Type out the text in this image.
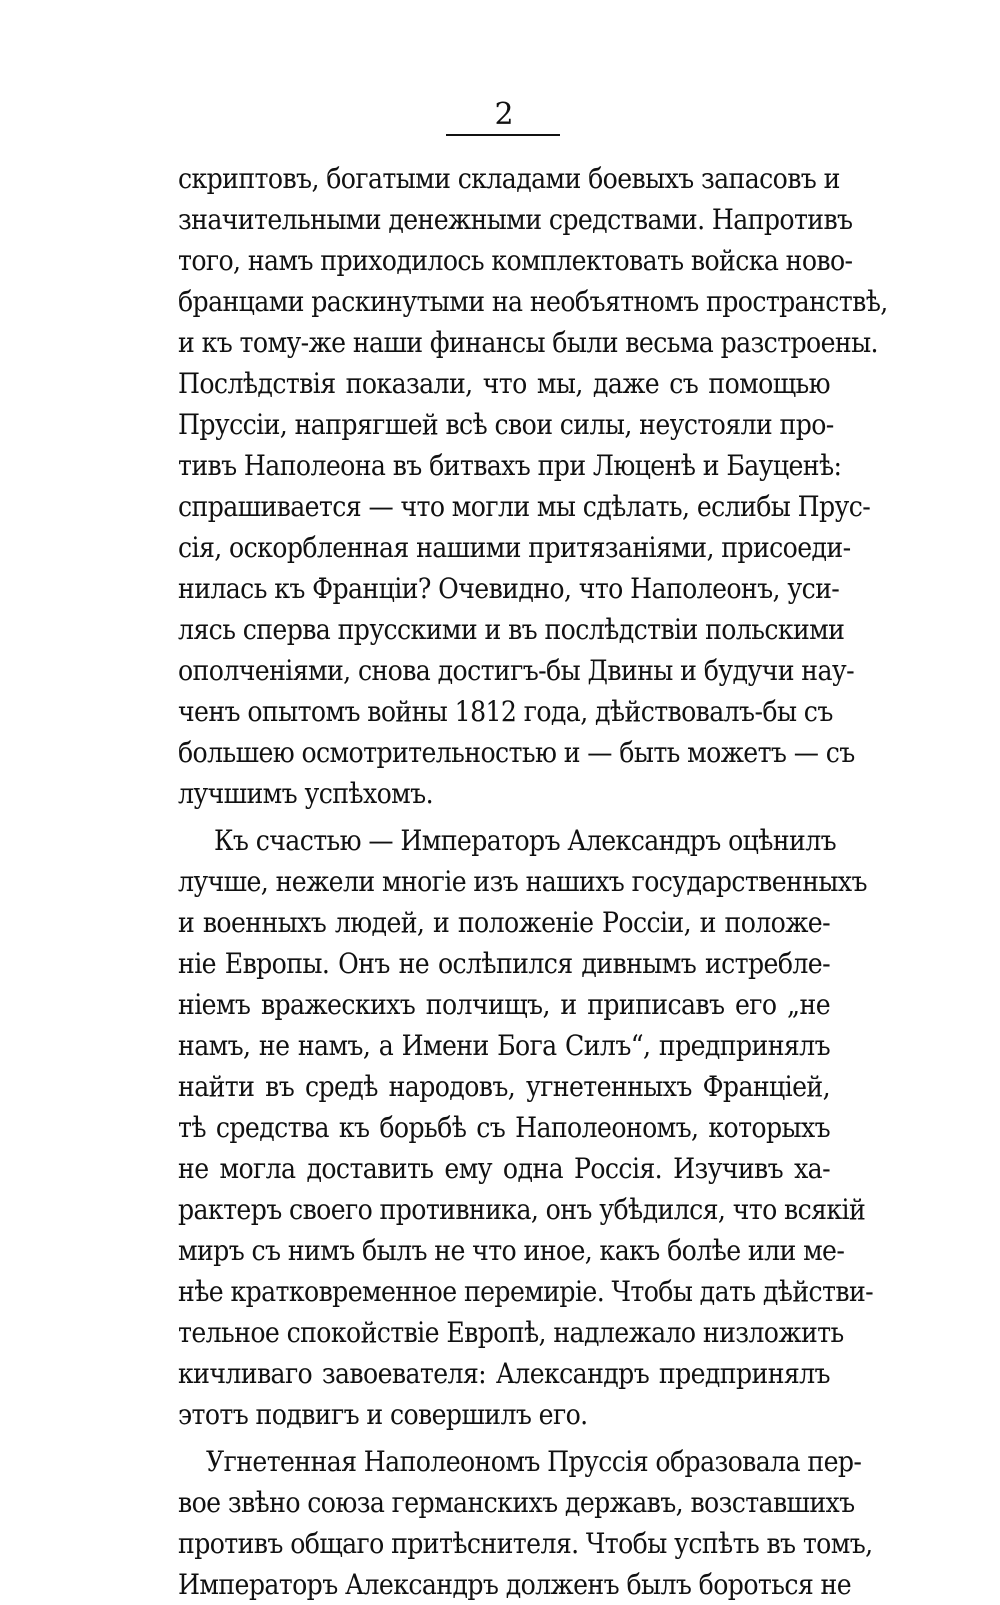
2
скриптовъ, богатыми складами боевыхъ запасовъ и
значительными денежными средствами. Напротивъ
того, намъ приходилось комплектовать войска ново-
бранцами раскинутыми на необъятномъ пространствѣ,
и къ тому-же наши финансы были весьма разстроены.
Послѣдствія показали, что мы, даже съ помощью
Пруссіи, напрягшей всѣ свои силы, неустояли про-
тивъ Наполеона въ битвахъ при Люценѣ и Бауценѣ:
спрашивается — что могли мы сдѣлать, еслибы Прус-
сія, оскорбленная нашими притязаніями, присоеди-
нилась къ Франціи? Очевидно, что Наполеонъ, уси-
лясь сперва прусскими и въ послѣдствіи польскими
ополченіями, снова достигъ-бы Двины и будучи нау-
ченъ опытомъ войны 1812 года, дѣйствовалъ-бы съ
большею осмотрительностью и — быть можетъ — съ
лучшимъ успѣхомъ.
Къ счастью — Императоръ Александръ оцѣнилъ
лучше, нежели многіе изъ нашихъ государственныхъ
и военныхъ людей, и положеніе Россіи, и положе-
ніе Европы. Онъ не ослѣпился дивнымъ истребле-
ніемъ вражескихъ полчищъ, и приписавъ его „не
намъ, не намъ, а Имени Бога Силъ“, предпринялъ
найти въ средѣ народовъ, угнетенныхъ Франціей,
тѣ средства къ борьбѣ съ Наполеономъ, которыхъ
не могла доставить ему одна Россія. Изучивъ ха-
рактеръ своего противника, онъ убѣдился, что всякій
миръ съ нимъ былъ не что иное, какъ болѣе или ме-
нѣе кратковременное перемиріе. Чтобы дать дѣйстви-
тельное спокойствіе Европѣ, надлежало низложить
кичливаго завоевателя: Александръ предпринялъ
этотъ подвигъ и совершилъ его.
Угнетенная Наполеономъ Пруссія образовала пер-
вое звѣно союза германскихъ державъ, возставшихъ
противъ общаго притѣснителя. Чтобы успѣть въ томъ,
Императоръ Александръ долженъ былъ бороться не
